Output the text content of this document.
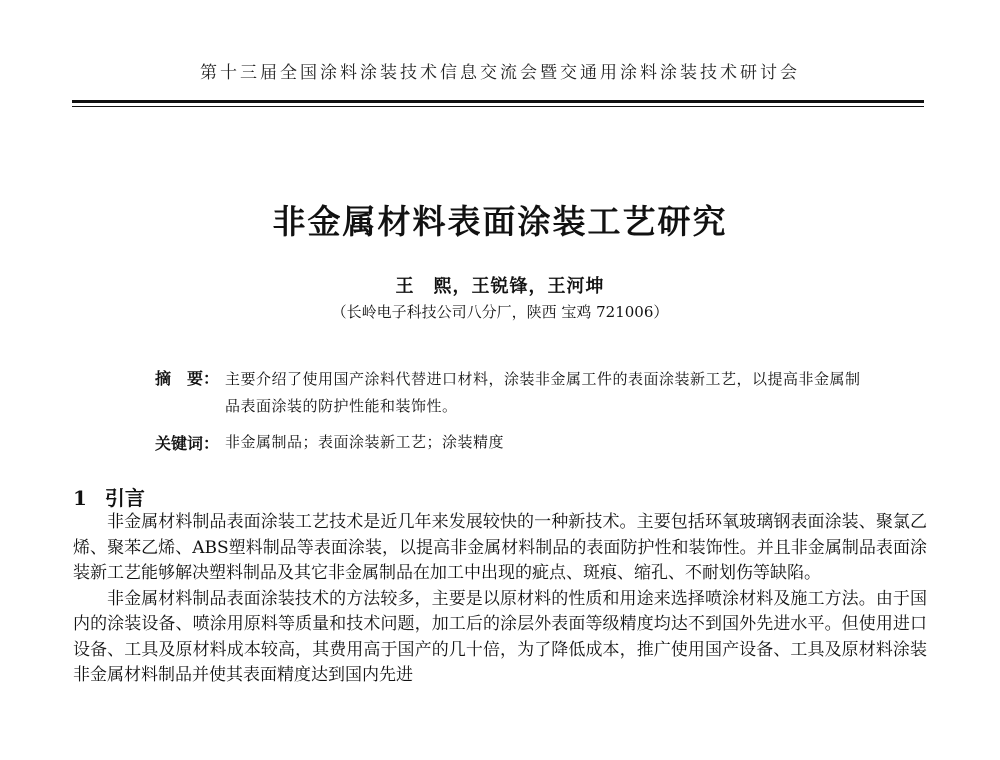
第十三届全国涂料涂装技术信息交流会暨交通用涂料涂装技术研讨会
非金属材料表面涂装工艺研究
王　熙，王锐锋，王河坤
（长岭电子科技公司八分厂，陕西 宝鸡 721006）
摘　要： 主要介绍了使用国产涂料代替进口材料，涂装非金属工件的表面涂装新工艺，以提高非金属制品表面涂装的防护性能和装饰性。
关键词： 非金属制品；表面涂装新工艺；涂装精度
1 引言

非金属材料制品表面涂装工艺技术是近几年来发展较快的一种新技术。主要包括环氧玻璃钢表面涂装、聚氯乙烯、聚苯乙烯、ABS塑料制品等表面涂装，以提高非金属材料制品的表面防护性和装饰性。并且非金属制品表面涂装新工艺能够解决塑料制品及其它非金属制品在加工中出现的疵点、斑痕、缩孔、不耐划伤等缺陷。

非金属材料制品表面涂装技术的方法较多，主要是以原材料的性质和用途来选择喷涂材料及施工方法。由于国内的涂装设备、喷涂用原料等质量和技术问题，加工后的涂层外表面等级精度均达不到国外先进水平。但使用进口设备、工具及原材料成本较高，其费用高于国产的几十倍，为了降低成本，推广使用国产设备、工具及原材料涂装非金属材料制品并使其表面精度达到国内先进
